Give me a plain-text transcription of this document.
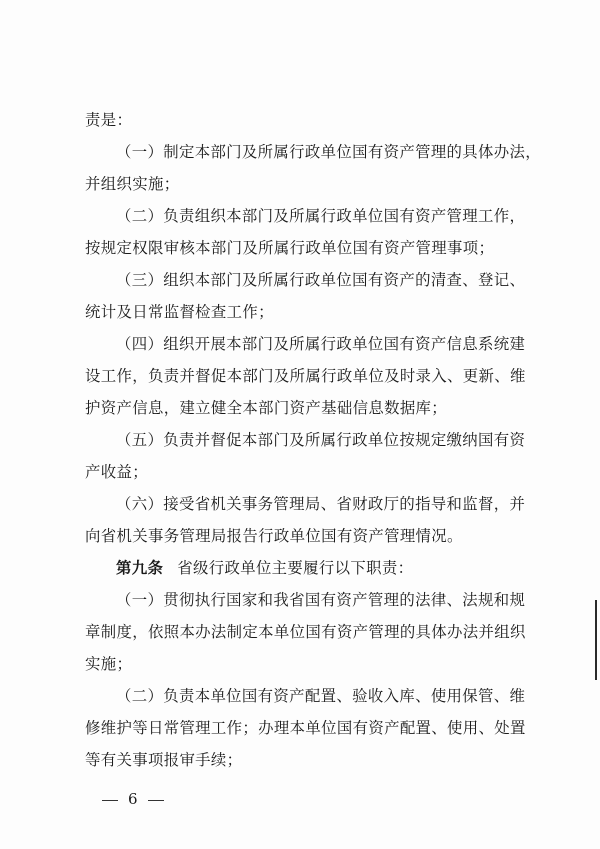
责是：
（一）制定本部门及所属行政单位国有资产管理的具体办法，
并组织实施；
（二）负责组织本部门及所属行政单位国有资产管理工作，
按规定权限审核本部门及所属行政单位国有资产管理事项；
（三）组织本部门及所属行政单位国有资产的清查、登记、
统计及日常监督检查工作；
（四）组织开展本部门及所属行政单位国有资产信息系统建
设工作，负责并督促本部门及所属行政单位及时录入、更新、维
护资产信息，建立健全本部门资产基础信息数据库；
（五）负责并督促本部门及所属行政单位按规定缴纳国有资
产收益；
（六）接受省机关事务管理局、省财政厅的指导和监督，并
向省机关事务管理局报告行政单位国有资产管理情况。
第九条 省级行政单位主要履行以下职责：
（一）贯彻执行国家和我省国有资产管理的法律、法规和规
章制度，依照本办法制定本单位国有资产管理的具体办法并组织
实施；
（二）负责本单位国有资产配置、验收入库、使用保管、维
修维护等日常管理工作；办理本单位国有资产配置、使用、处置
等有关事项报审手续；
6
